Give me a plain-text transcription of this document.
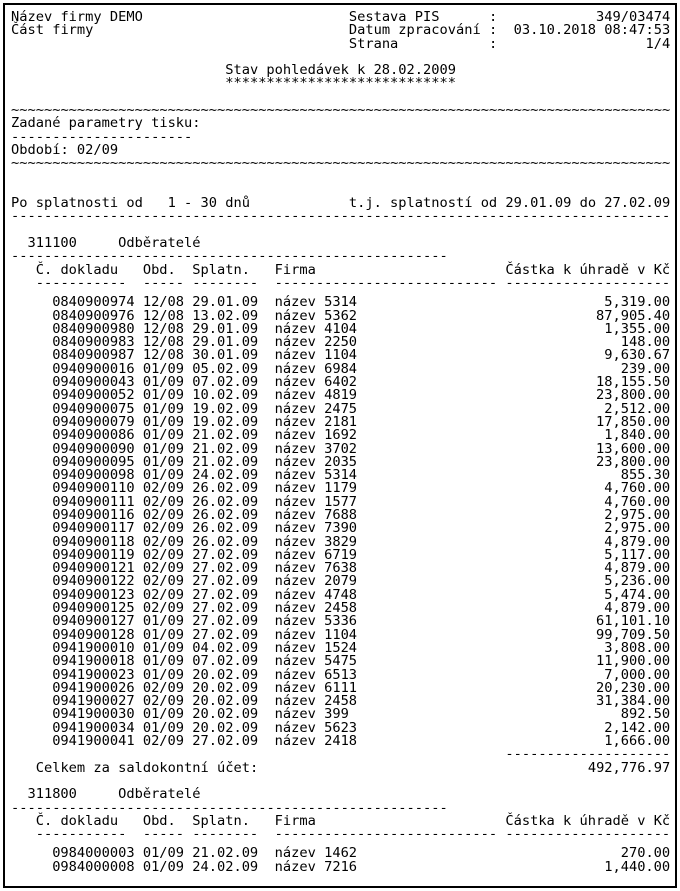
Název firmy DEMO
Část firmy
Sestava PIS	:	349/03474
Datum zpracování :	03.10.2018 08:47:53
Strana	:	1/4
Stav pohledávek k 28.02.2009
****************************
~~~~~~~~~~~~~~~~~~~~~~~~~~~~~~~~~~~~~~~~~~~~~~~~~~~~~~~~~~~~~~~~~~~~~~~~~~~~~~~~
Zadané parametry tisku:
----------------------
Období: 02/09
~~~~~~~~~~~~~~~~~~~~~~~~~~~~~~~~~~~~~~~~~~~~~~~~~~~~~~~~~~~~~~~~~~~~~~~~~~~~~~~~
Po splatnosti od   1 - 30 dnů	t.j. splatností od 29.01.09 do 27.02.09
--------------------------------------------------------------------------------
311100	Odběratelé
-----------------------------------------------------
Č. dokladu	Obd.	Splatn.	Firma	Částka k úhradě v Kč
-----------	----- -------- --------------------------- --------------------
0840900974 12/08 29.01.09 název 5314	5,319.00
0840900976 12/08 13.02.09 název 5362	87,905.40
0840900980 12/08 29.01.09 název 4104	1,355.00
0840900983 12/08 29.01.09 název 2250	148.00
0840900987 12/08 30.01.09 název 1104	9,630.67
0940900016 01/09 05.02.09 název 6984	239.00
0940900043 01/09 07.02.09 název 6402	18,155.50
0940900052 01/09 10.02.09 název 4819	23,800.00
0940900075 01/09 19.02.09 název 2475	2,512.00
0940900079 01/09 19.02.09 název 2181	17,850.00
0940900086 01/09 21.02.09 název 1692	1,840.00
0940900090 01/09 21.02.09 název 3702	13,600.00
0940900095 01/09 21.02.09 název 2035	23,800.00
0940900098 01/09 24.02.09 název 5314	855.30
0940900110 02/09 26.02.09 název 1179	4,760.00
0940900111 02/09 26.02.09 název 1577	4,760.00
0940900116 02/09 26.02.09 název 7688	2,975.00
0940900117 02/09 26.02.09 název 7390	2,975.00
0940900118 02/09 26.02.09 název 3829	4,879.00
0940900119 02/09 27.02.09 název 6719	5,117.00
0940900121 02/09 27.02.09 název 7638	4,879.00
0940900122 02/09 27.02.09 název 2079	5,236.00
0940900123 02/09 27.02.09 název 4748	5,474.00
0940900125 02/09 27.02.09 název 2458	4,879.00
0940900127 01/09 27.02.09 název 5336	61,101.10
0940900128 01/09 27.02.09 název 1104	99,709.50
0941900010 01/09 04.02.09 název 1524	3,808.00
0941900018 01/09 07.02.09 název 5475	11,900.00
0941900023 01/09 20.02.09 název 6513	7,000.00
0941900026 02/09 20.02.09 název 6111	20,230.00
0941900027 02/09 20.02.09 název 2458	31,384.00
0941900030 01/09 20.02.09 název 399	892.50
0941900034 01/09 20.02.09 název 5623	2,142.00
0941900041 02/09 27.02.09 název 2418	1,666.00
--------------------
Celkem za saldokontní účet:	492,776.97
311800	Odběratelé
-----------------------------------------------------
Č. dokladu	Obd.	Splatn.	Firma	Částka k úhradě v Kč
-----------	----- -------- --------------------------- --------------------
0984000003 01/09 21.02.09 název 1462	270.00
0984000008 01/09 24.02.09 název 7216	1,440.00
